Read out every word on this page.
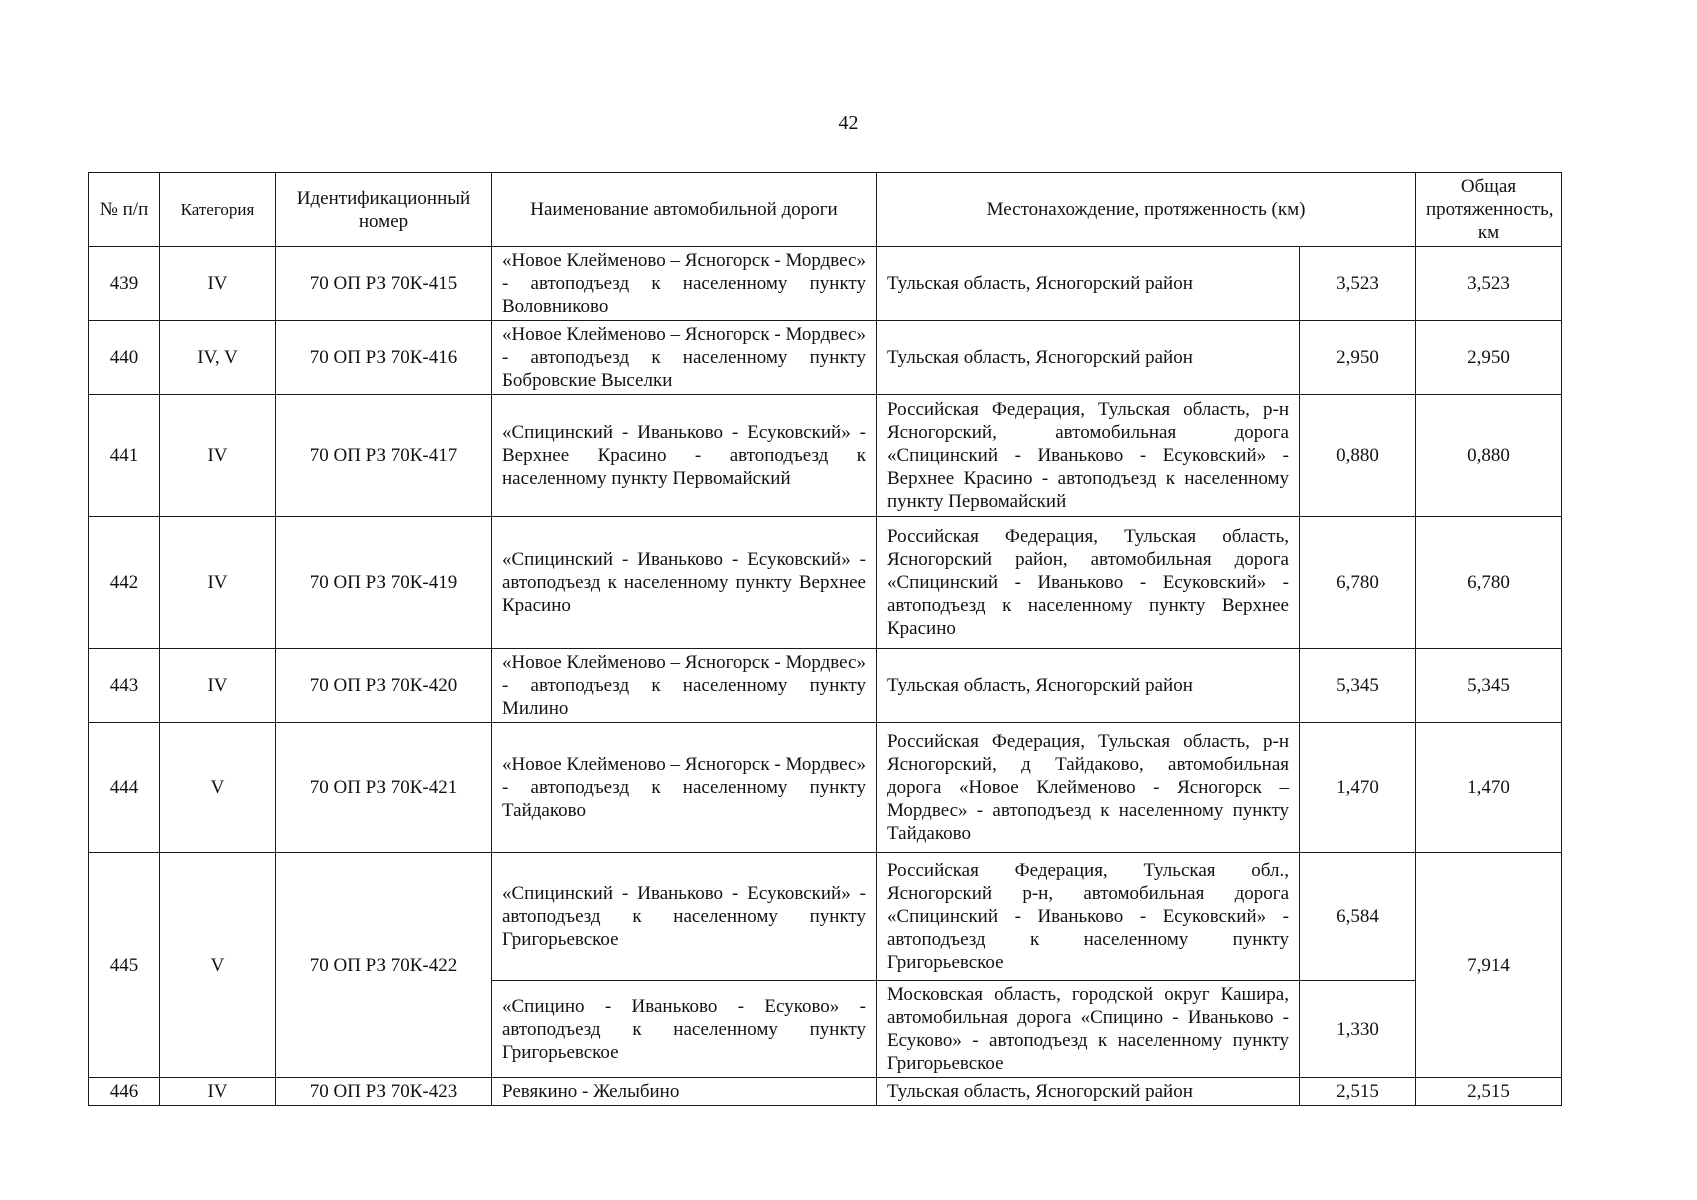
42
№ п/п	Категория	Идентификационный номер	Наименование автомобильной дороги	Местонахождение, протяженность (км)		Общая протяженность, км
439	IV	70 ОП РЗ 70К-415	«Новое Клейменово – Ясногорск - Мордвес» - автоподъезд к населенному пункту Воловниково	Тульская область, Ясногорский район	3,523	3,523
440	IV, V	70 ОП РЗ 70К-416	«Новое Клейменово – Ясногорск - Мордвес» - автоподъезд к населенному пункту Бобровские Выселки	Тульская область, Ясногорский район	2,950	2,950
441	IV	70 ОП РЗ 70К-417	«Спицинский - Иваньково - Есуковский» - Верхнее Красино - автоподъезд к населенному пункту Первомайский	Российская Федерация, Тульская область, р-н Ясногорский, автомобильная дорога «Спицинский - Иваньково - Есуковский» - Верхнее Красино - автоподъезд к населенному пункту Первомайский	0,880	0,880
442	IV	70 ОП РЗ 70К-419	«Спицинский - Иваньково - Есуковский» - автоподъезд к населенному пункту Верхнее Красино	Российская Федерация, Тульская область, Ясногорский район, автомобильная дорога «Спицинский - Иваньково - Есуковский» - автоподъезд к населенному пункту Верхнее Красино	6,780	6,780
443	IV	70 ОП РЗ 70К-420	«Новое Клейменово – Ясногорск - Мордвес» - автоподъезд к населенному пункту Милино	Тульская область, Ясногорский район	5,345	5,345
444	V	70 ОП РЗ 70К-421	«Новое Клейменово – Ясногорск - Мордвес» - автоподъезд к населенному пункту Тайдаково	Российская Федерация, Тульская область, р-н Ясногорский, д Тайдаково, автомобильная дорога «Новое Клейменово - Ясногорск – Мордвес» - автоподъезд к населенному пункту Тайдаково	1,470	1,470
445	V	70 ОП РЗ 70К-422	«Спицинский - Иваньково - Есуковский» - автоподъезд к населенному пункту Григорьевское	Российская Федерация, Тульская обл., Ясногорский р-н, автомобильная дорога «Спицинский - Иваньково - Есуковский» - автоподъезд к населенному пункту Григорьевское	6,584	7,914
			«Спицино - Иваньково - Есуково» - автоподъезд к населенному пункту Григорьевское	Московская область, городской округ Кашира, автомобильная дорога «Спицино - Иваньково - Есуково» - автоподъезд к населенному пункту Григорьевское	1,330	
446	IV	70 ОП РЗ 70К-423	Ревякино - Желыбино	Тульская область, Ясногорский район	2,515	2,515
